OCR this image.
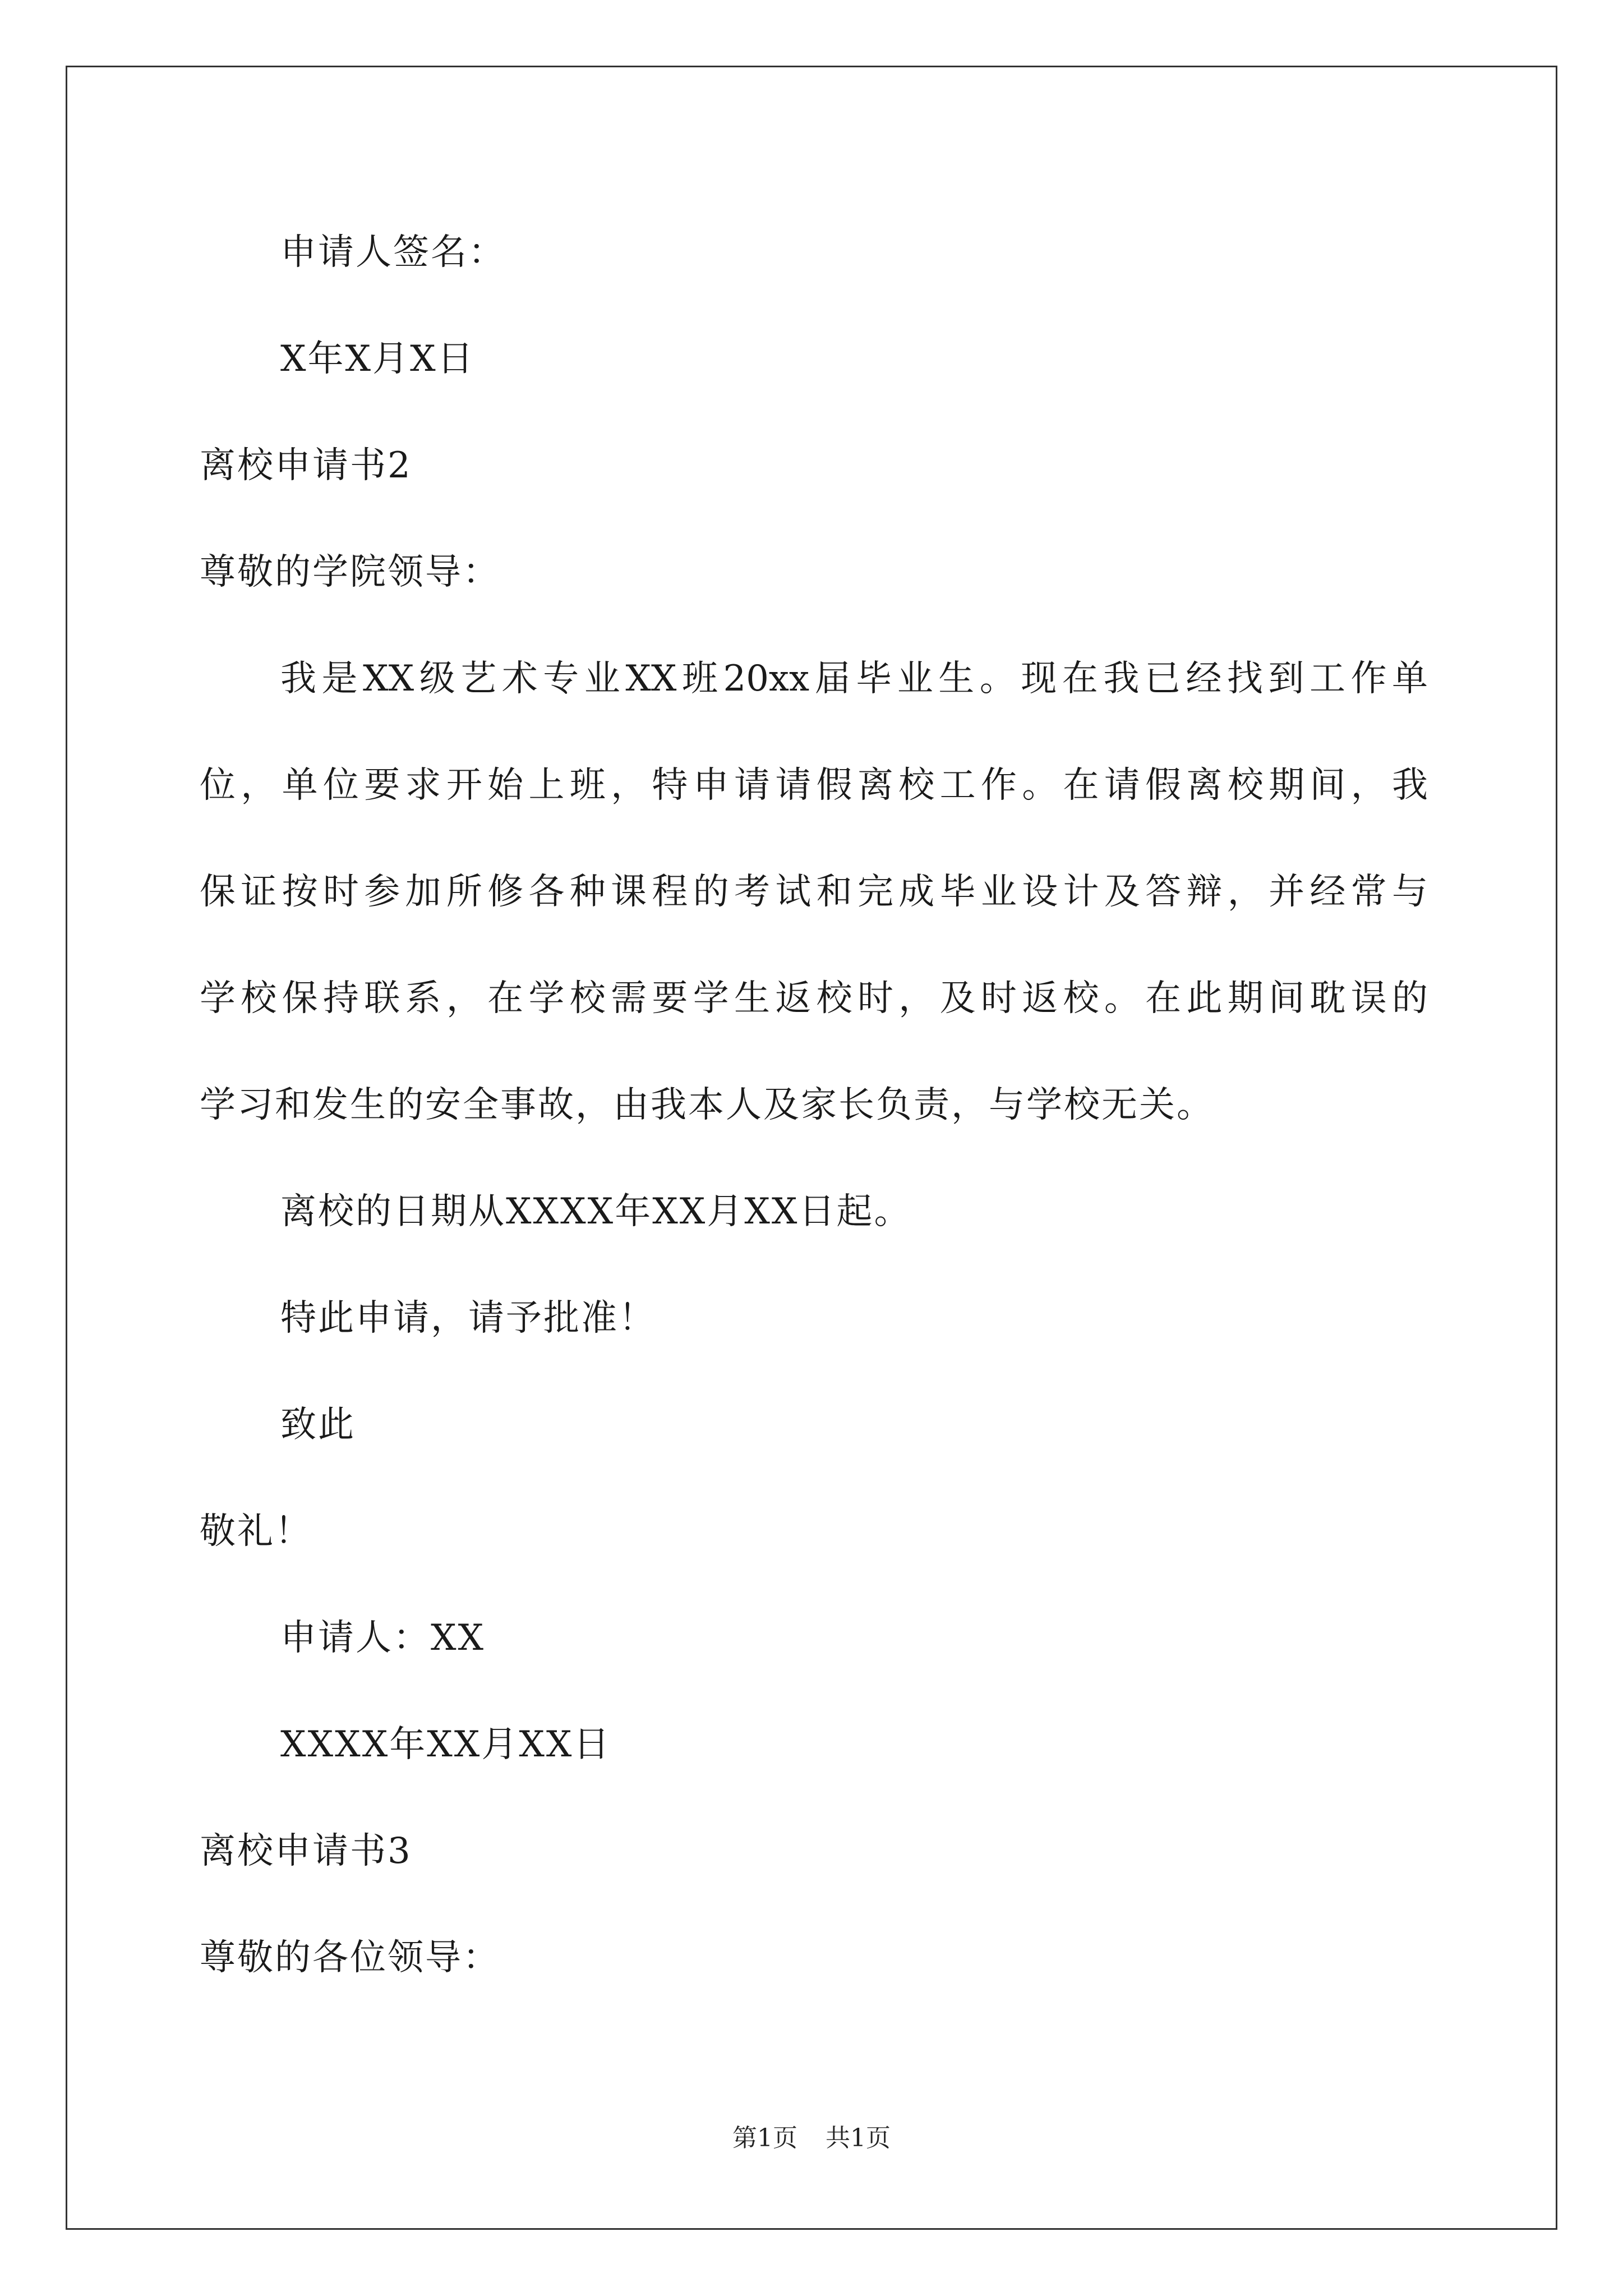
申请人签名：
X年X月X日
离校申请书2
尊敬的学院领导：
我是XX级艺术专业XX班20xx届毕业生。现在我已经找到工作单
位，单位要求开始上班，特申请请假离校工作。在请假离校期间，我
保证按时参加所修各种课程的考试和完成毕业设计及答辩，并经常与
学校保持联系，在学校需要学生返校时，及时返校。在此期间耽误的
学习和发生的安全事故，由我本人及家长负责，与学校无关。
离校的日期从XXXX年XX月XX日起。
特此申请，请予批准！
致此
敬礼！
申请人：XX
XXXX年XX月XX日
离校申请书3
尊敬的各位领导：
第1页 共1页
